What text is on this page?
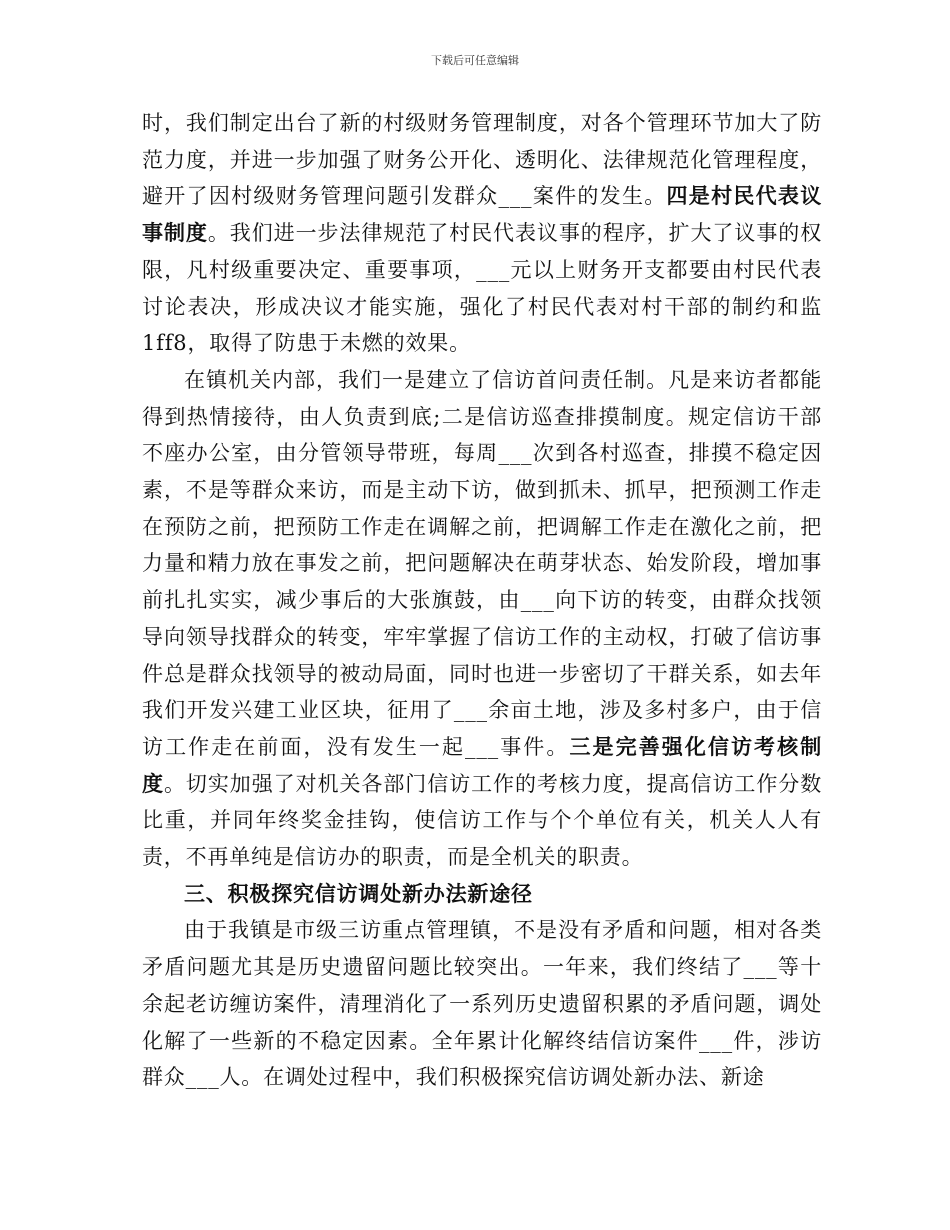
下载后可任意编辑

时，我们制定出台了新的村级财务管理制度，对各个管理环节加大了防范力度，并进一步加强了财务公开化、透明化、法律规范化管理程度，避开了因村级财务管理问题引发群众___案件的发生。四是村民代表议事制度。我们进一步法律规范了村民代表议事的程序，扩大了议事的权限，凡村级重要决定、重要事项，___元以上财务开支都要由村民代表讨论表决，形成决议才能实施，强化了村民代表对村干部的制约和监1ff8，取得了防患于未燃的效果。

在镇机关内部，我们一是建立了信访首问责任制。凡是来访者都能得到热情接待，由人负责到底;二是信访巡查排摸制度。规定信访干部不座办公室，由分管领导带班，每周___次到各村巡查，排摸不稳定因素，不是等群众来访，而是主动下访，做到抓未、抓早，把预测工作走在预防之前，把预防工作走在调解之前，把调解工作走在激化之前，把力量和精力放在事发之前，把问题解决在萌芽状态、始发阶段，增加事前扎扎实实，减少事后的大张旗鼓，由___向下访的转变，由群众找领导向领导找群众的转变，牢牢掌握了信访工作的主动权，打破了信访事件总是群众找领导的被动局面，同时也进一步密切了干群关系，如去年我们开发兴建工业区块，征用了___余亩土地，涉及多村多户，由于信访工作走在前面，没有发生一起___事件。三是完善强化信访考核制度。切实加强了对机关各部门信访工作的考核力度，提高信访工作分数比重，并同年终奖金挂钩，使信访工作与个个单位有关，机关人人有责，不再单纯是信访办的职责，而是全机关的职责。

三、积极探究信访调处新办法新途径

由于我镇是市级三访重点管理镇，不是没有矛盾和问题，相对各类矛盾问题尤其是历史遗留问题比较突出。一年来，我们终结了___等十余起老访缠访案件，清理消化了一系列历史遗留积累的矛盾问题，调处化解了一些新的不稳定因素。全年累计化解终结信访案件___件，涉访群众___人。在调处过程中，我们积极探究信访调处新办法、新途
